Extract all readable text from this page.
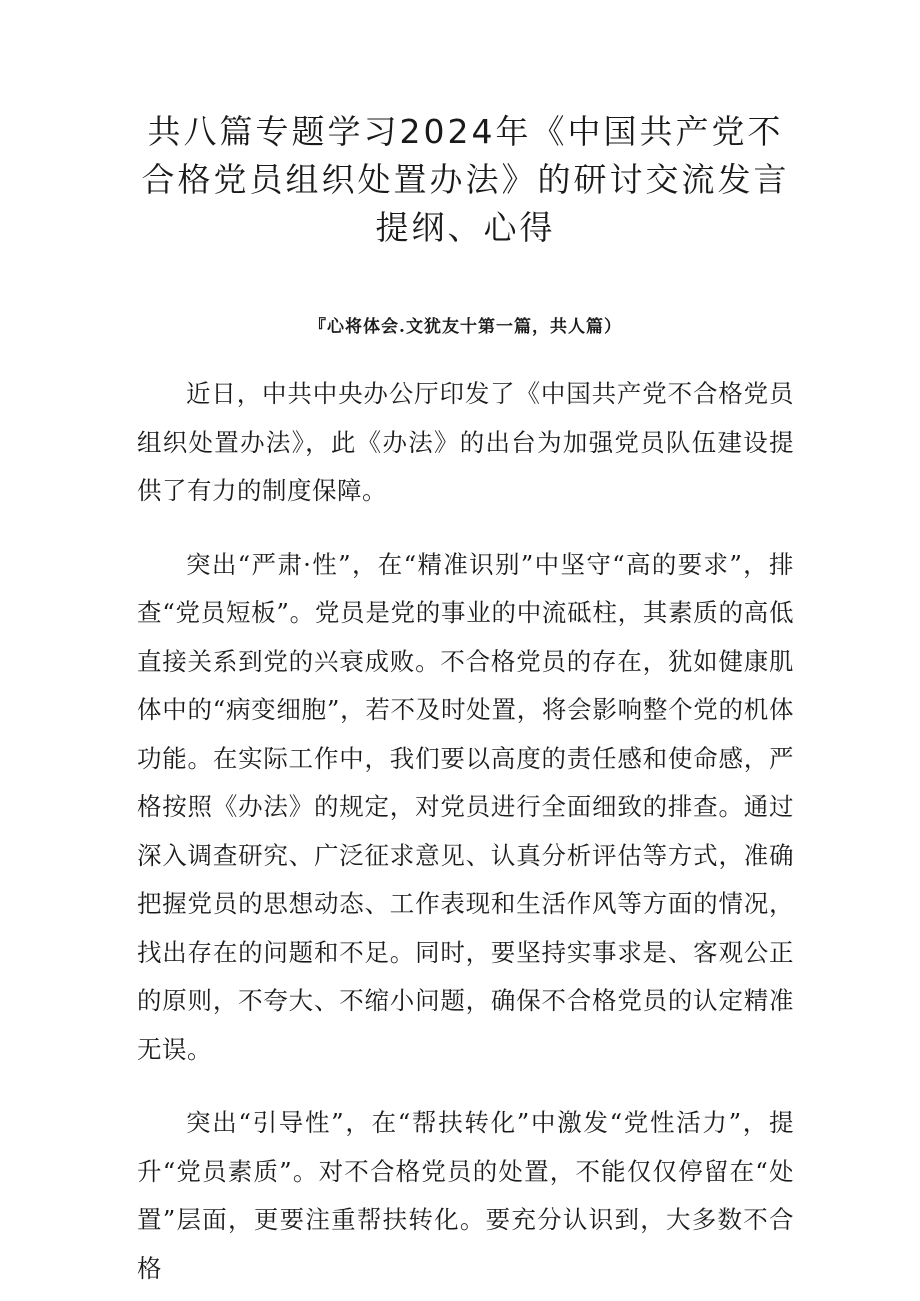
共八篇专题学习2024年《中国共产党不合格党员组织处置办法》的研讨交流发言提纲、心得
『心将体会.文犹友十第一篇，共人篇）

近日，中共中央办公厅印发了《中国共产党不合格党员组织处置办法》，此《办法》的出台为加强党员队伍建设提供了有力的制度保障。

突出“严肃·性”，在“精准识别”中坚守“高的要求”，排查“党员短板”。党员是党的事业的中流砥柱，其素质的高低直接关系到党的兴衰成败。不合格党员的存在，犹如健康肌体中的“病变细胞”，若不及时处置，将会影响整个党的机体功能。在实际工作中，我们要以高度的责任感和使命感，严格按照《办法》的规定，对党员进行全面细致的排查。通过深入调查研究、广泛征求意见、认真分析评估等方式，准确把握党员的思想动态、工作表现和生活作风等方面的情况，找出存在的问题和不足。同时，要坚持实事求是、客观公正的原则，不夸大、不缩小问题，确保不合格党员的认定精准无误。

突出“引导性”，在“帮扶转化”中激发“党性活力”，提升“党员素质”。对不合格党员的处置，不能仅仅停留在“处置”层面，更要注重帮扶转化。要充分认识到，大多数不合格
